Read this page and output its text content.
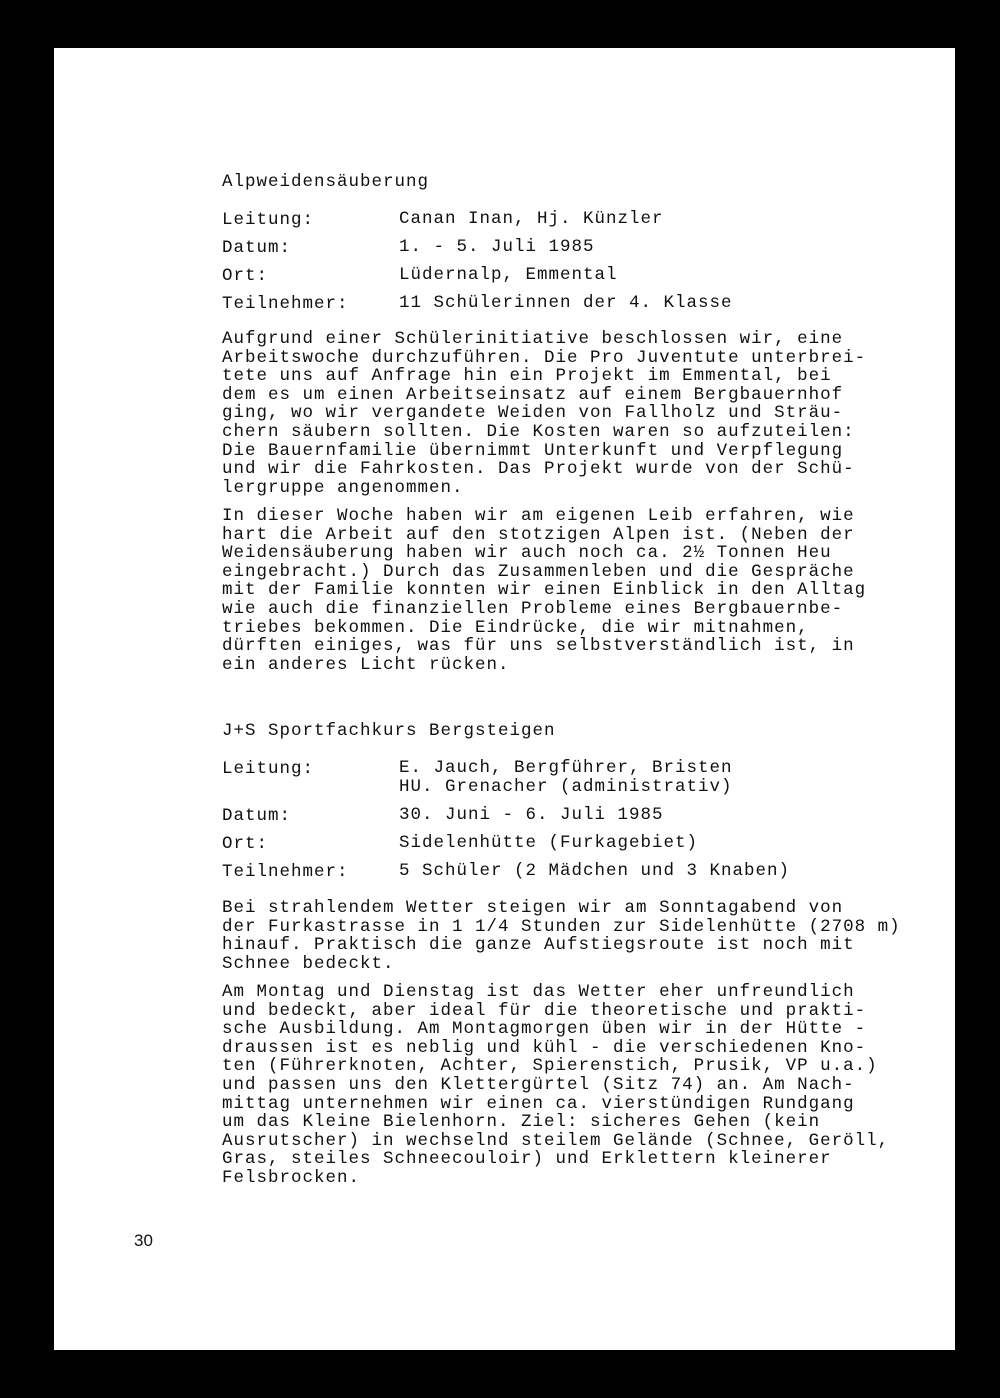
Alpweidensäuberung
Leitung:	Canan Inan, Hj. Künzler
Datum:	1. - 5. Juli 1985
Ort:	Lüdernalp, Emmental
Teilnehmer:	11 Schülerinnen der 4. Klasse
Aufgrund einer Schülerinitiative beschlossen wir, eine
Arbeitswoche durchzuführen. Die Pro Juventute unterbrei-
tete uns auf Anfrage hin ein Projekt im Emmental, bei
dem es um einen Arbeitseinsatz auf einem Bergbauernhof
ging, wo wir vergandete Weiden von Fallholz und Sträu-
chern säubern sollten. Die Kosten waren so aufzuteilen:
Die Bauernfamilie übernimmt Unterkunft und Verpflegung
und wir die Fahrkosten. Das Projekt wurde von der Schü-
lergruppe angenommen.
In dieser Woche haben wir am eigenen Leib erfahren, wie
hart die Arbeit auf den stotzigen Alpen ist. (Neben der
Weidensäuberung haben wir auch noch ca. 2½ Tonnen Heu
eingebracht.) Durch das Zusammenleben und die Gespräche
mit der Familie konnten wir einen Einblick in den Alltag
wie auch die finanziellen Probleme eines Bergbauernbe-
triebes bekommen. Die Eindrücke, die wir mitnahmen,
dürften einiges, was für uns selbstverständlich ist, in
ein anderes Licht rücken.
J+S Sportfachkurs Bergsteigen
Leitung:	E. Jauch, Bergführer, Bristen
HU. Grenacher (administrativ)
Datum:	30. Juni - 6. Juli 1985
Ort:	Sidelenhütte (Furkagebiet)
Teilnehmer:	5 Schüler (2 Mädchen und 3 Knaben)
Bei strahlendem Wetter steigen wir am Sonntagabend von
der Furkastrasse in 1 1/4 Stunden zur Sidelenhütte (2708 m)
hinauf. Praktisch die ganze Aufstiegsroute ist noch mit
Schnee bedeckt.
Am Montag und Dienstag ist das Wetter eher unfreundlich
und bedeckt, aber ideal für die theoretische und prakti-
sche Ausbildung. Am Montagmorgen üben wir in der Hütte -
draussen ist es neblig und kühl - die verschiedenen Kno-
ten (Führerknoten, Achter, Spierenstich, Prusik, VP u.a.)
und passen uns den Klettergürtel (Sitz 74) an. Am Nach-
mittag unternehmen wir einen ca. vierstündigen Rundgang
um das Kleine Bielenhorn. Ziel: sicheres Gehen (kein
Ausrutscher) in wechselnd steilem Gelände (Schnee, Geröll,
Gras, steiles Schneecouloir) und Erklettern kleinerer
Felsbrocken.
30
